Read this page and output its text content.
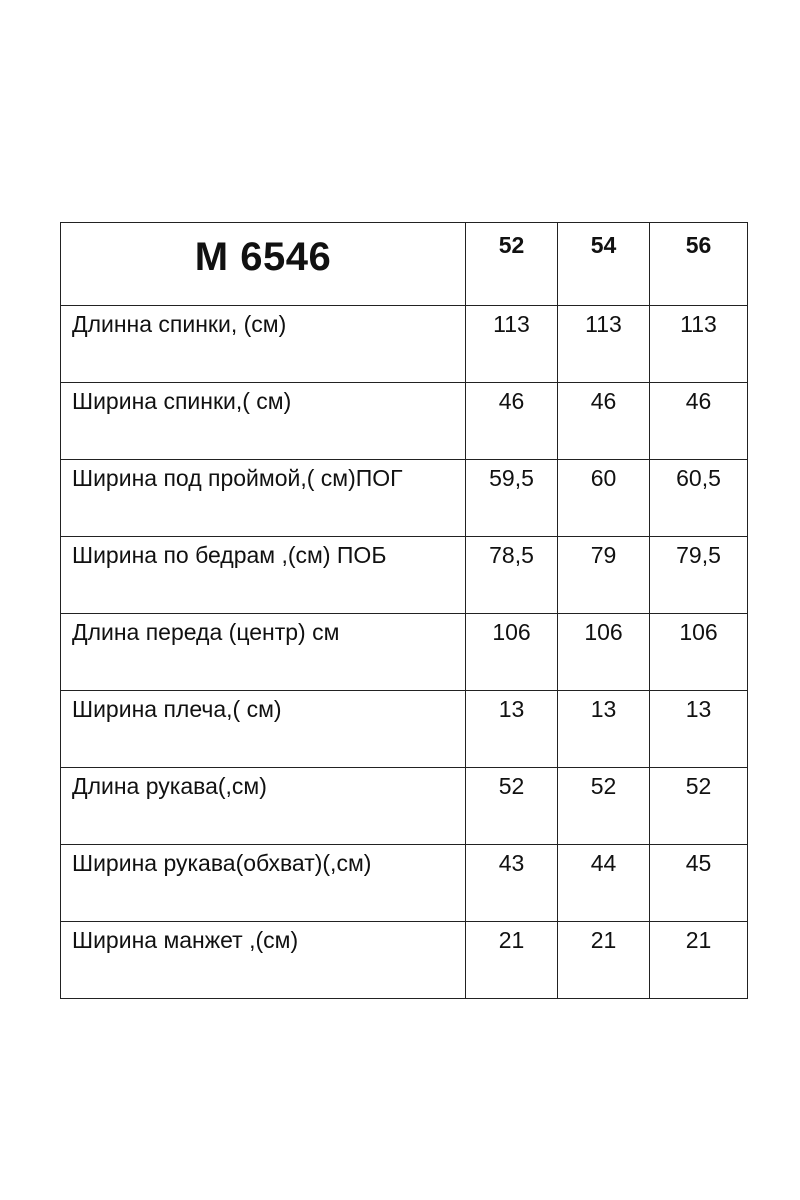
М 6546	52	54	56
Длинна спинки, (см)	113	113	113
Ширина спинки,( см)	46	46	46
Ширина под проймой,( см)ПОГ	59,5	60	60,5
Ширина по бедрам ,(см) ПОБ	78,5	79	79,5
Длина переда (центр) см	106	106	106
Ширина плеча,( см)	13	13	13
Длина рукава(,см)	52	52	52
Ширина рукава(обхват)(,см)	43	44	45
Ширина манжет ,(см)	21	21	21
